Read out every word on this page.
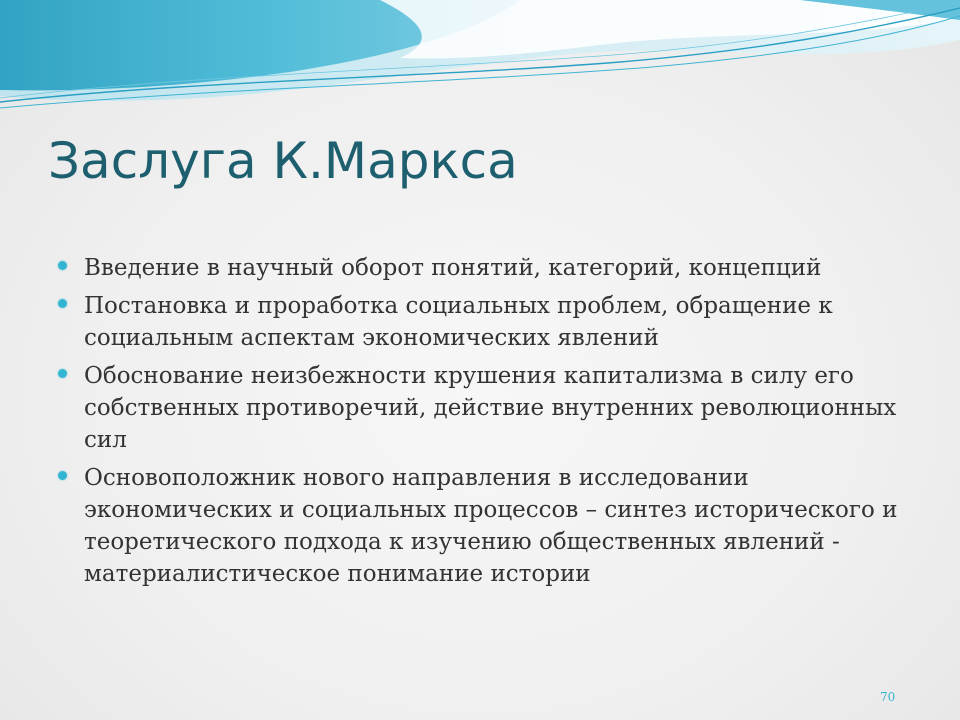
Заслуга К.Маркса
Введение в научный оборот понятий, категорий, концепций
Постановка и проработка социальных проблем, обращение к социальным аспектам экономических явлений
Обоснование неизбежности крушения капитализма в силу его собственных противоречий, действие внутренних революционных сил
Основоположник нового направления в исследовании экономических и социальных процессов – синтез исторического и теоретического подхода к изучению общественных явлений - материалистическое понимание истории
70
